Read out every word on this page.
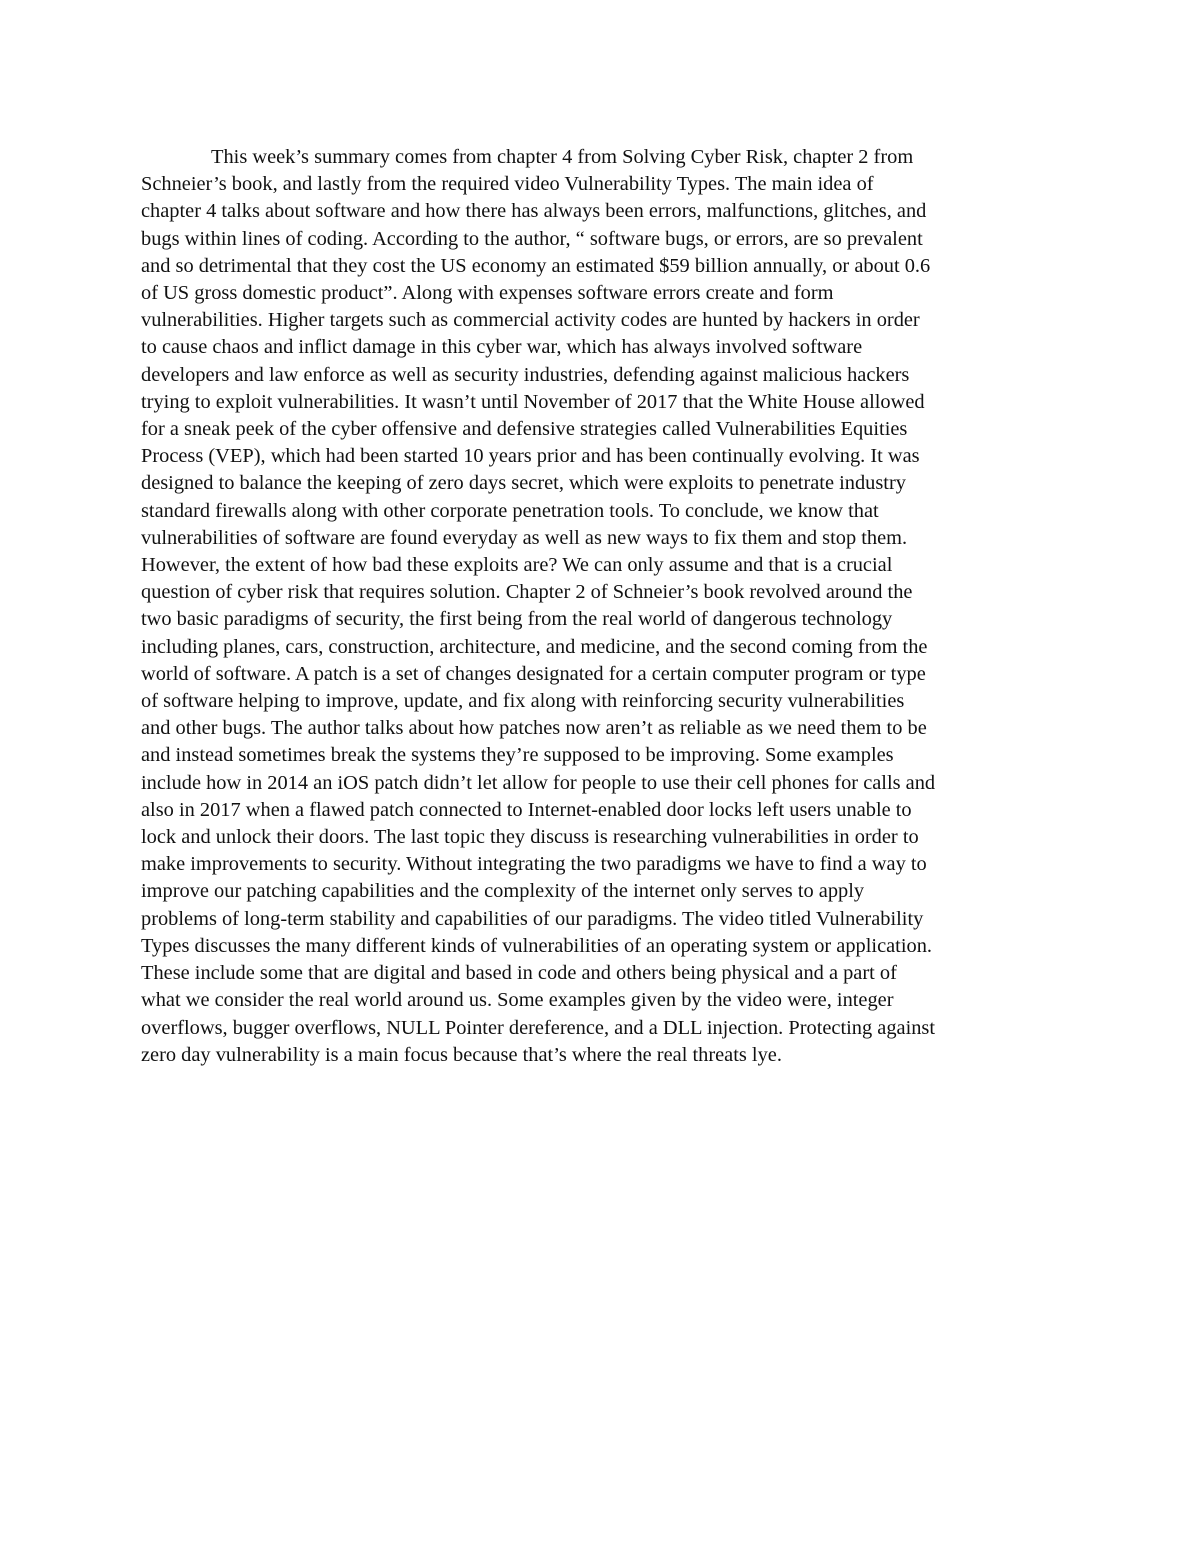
This week’s summary comes from chapter 4 from Solving Cyber Risk, chapter 2 from
Schneier’s book, and lastly from the required video Vulnerability Types. The main idea of
chapter 4 talks about software and how there has always been errors, malfunctions, glitches, and
bugs within lines of coding. According to the author, “ software bugs, or errors, are so prevalent
and so detrimental that they cost the US economy an estimated $59 billion annually, or about 0.6
of US gross domestic product”. Along with expenses software errors create and form
vulnerabilities. Higher targets such as commercial activity codes are hunted by hackers in order
to cause chaos and inflict damage in this cyber war, which has always involved software
developers and law enforce as well as security industries, defending against malicious hackers
trying to exploit vulnerabilities. It wasn’t until November of 2017 that the White House allowed
for a sneak peek of the cyber offensive and defensive strategies called Vulnerabilities Equities
Process (VEP), which had been started 10 years prior and has been continually evolving. It was
designed to balance the keeping of zero days secret, which were exploits to penetrate industry
standard firewalls along with other corporate penetration tools. To conclude, we know that
vulnerabilities of software are found everyday as well as new ways to fix them and stop them.
However, the extent of how bad these exploits are? We can only assume and that is a crucial
question of cyber risk that requires solution. Chapter 2 of Schneier’s book revolved around the
two basic paradigms of security, the first being from the real world of dangerous technology
including planes, cars, construction, architecture, and medicine, and the second coming from the
world of software. A patch is a set of changes designated for a certain computer program or type
of software helping to improve, update, and fix along with reinforcing security vulnerabilities
and other bugs. The author talks about how patches now aren’t as reliable as we need them to be
and instead sometimes break the systems they’re supposed to be improving. Some examples
include how in 2014 an iOS patch didn’t let allow for people to use their cell phones for calls and
also in 2017 when a flawed patch connected to Internet-enabled door locks left users unable to
lock and unlock their doors. The last topic they discuss is researching vulnerabilities in order to
make improvements to security. Without integrating the two paradigms we have to find a way to
improve our patching capabilities and the complexity of the internet only serves to apply
problems of long-term stability and capabilities of our paradigms. The video titled Vulnerability
Types discusses the many different kinds of vulnerabilities of an operating system or application.
These include some that are digital and based in code and others being physical and a part of
what we consider the real world around us. Some examples given by the video were, integer
overflows, bugger overflows, NULL Pointer dereference, and a DLL injection. Protecting against
zero day vulnerability is a main focus because that’s where the real threats lye.
